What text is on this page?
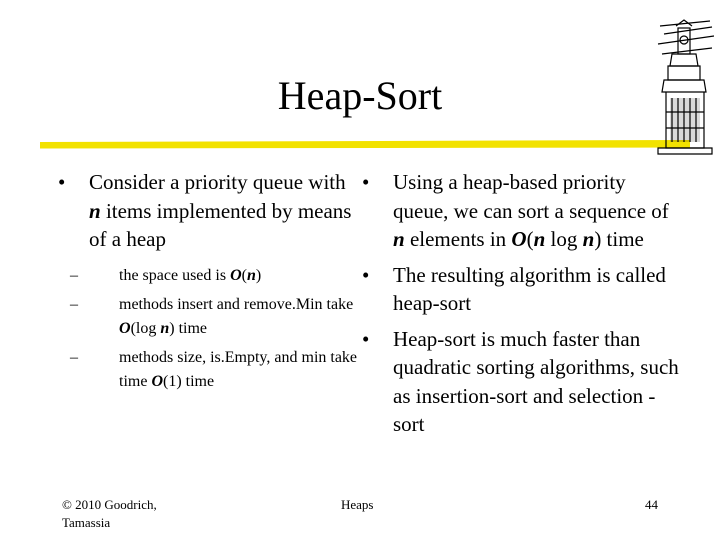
Heap-Sort
• Consider a priority queue with n items implemented by means of a heap
–	the space used is O(n)
–	methods insert and remove.Min take O(log n) time
–	methods size, is.Empty, and min take time O(1) time
• Using a heap-based priority queue, we can sort a sequence of n elements in O(n log n) time
• The resulting algorithm is called heap-sort
• Heap-sort is much faster than quadratic sorting algorithms, such as insertion-sort and selection -sort
© 2010 Goodrich, Tamassia
Heaps	44
